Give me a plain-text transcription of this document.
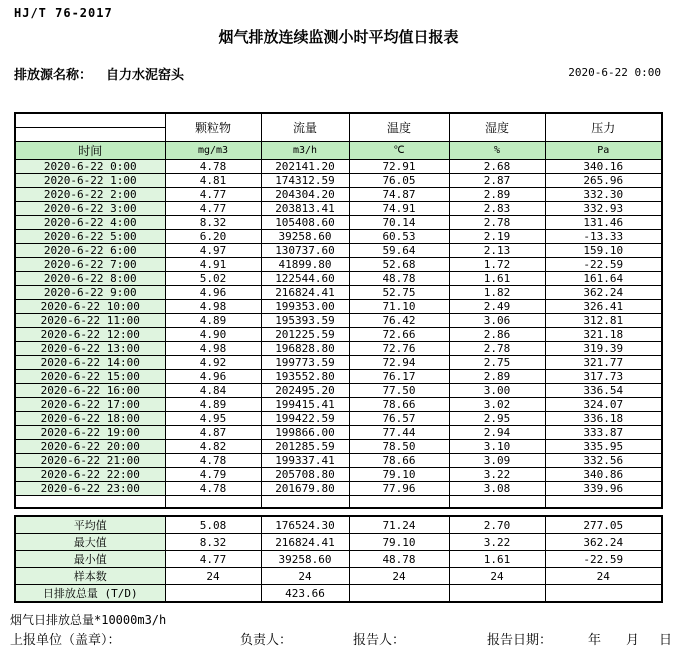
HJ/T 76-2017
烟气排放连续监测小时平均值日报表
排放源名称： 自力水泥窑头	2020-6-22 0:00
	颗粒物	流量	温度	湿度	压力
时间	mg/m3	m3/h	℃	%	Pa
2020-6-22 0:00	4.78	202141.20	72.91	2.68	340.16
2020-6-22 1:00	4.81	174312.59	76.05	2.87	265.96
2020-6-22 2:00	4.77	204304.20	74.87	2.89	332.30
2020-6-22 3:00	4.77	203813.41	74.91	2.83	332.93
2020-6-22 4:00	8.32	105408.60	70.14	2.78	131.46
2020-6-22 5:00	6.20	39258.60	60.53	2.19	-13.33
2020-6-22 6:00	4.97	130737.60	59.64	2.13	159.10
2020-6-22 7:00	4.91	41899.80	52.68	1.72	-22.59
2020-6-22 8:00	5.02	122544.60	48.78	1.61	161.64
2020-6-22 9:00	4.96	216824.41	52.75	1.82	362.24
2020-6-22 10:00	4.98	199353.00	71.10	2.49	326.41
2020-6-22 11:00	4.89	195393.59	76.42	3.06	312.81
2020-6-22 12:00	4.90	201225.59	72.66	2.86	321.18
2020-6-22 13:00	4.98	196828.80	72.76	2.78	319.39
2020-6-22 14:00	4.92	199773.59	72.94	2.75	321.77
2020-6-22 15:00	4.96	193552.80	76.17	2.89	317.73
2020-6-22 16:00	4.84	202495.20	77.50	3.00	336.54
2020-6-22 17:00	4.89	199415.41	78.66	3.02	324.07
2020-6-22 18:00	4.95	199422.59	76.57	2.95	336.18
2020-6-22 19:00	4.87	199866.00	77.44	2.94	333.87
2020-6-22 20:00	4.82	201285.59	78.50	3.10	335.95
2020-6-22 21:00	4.78	199337.41	78.66	3.09	332.56
2020-6-22 22:00	4.79	205708.80	79.10	3.22	340.86
2020-6-22 23:00	4.78	201679.80	77.96	3.08	339.96

平均值	5.08	176524.30	71.24	2.70	277.05
最大值	8.32	216824.41	79.10	3.22	362.24
最小值	4.77	39258.60	48.78	1.61	-22.59
样本数	24	24	24	24	24
日排放总量 (T/D)		423.66			
烟气日排放总量*10000m3/h
上报单位（盖章）：	负责人：	报告人：	报告日期：	年 月 日
